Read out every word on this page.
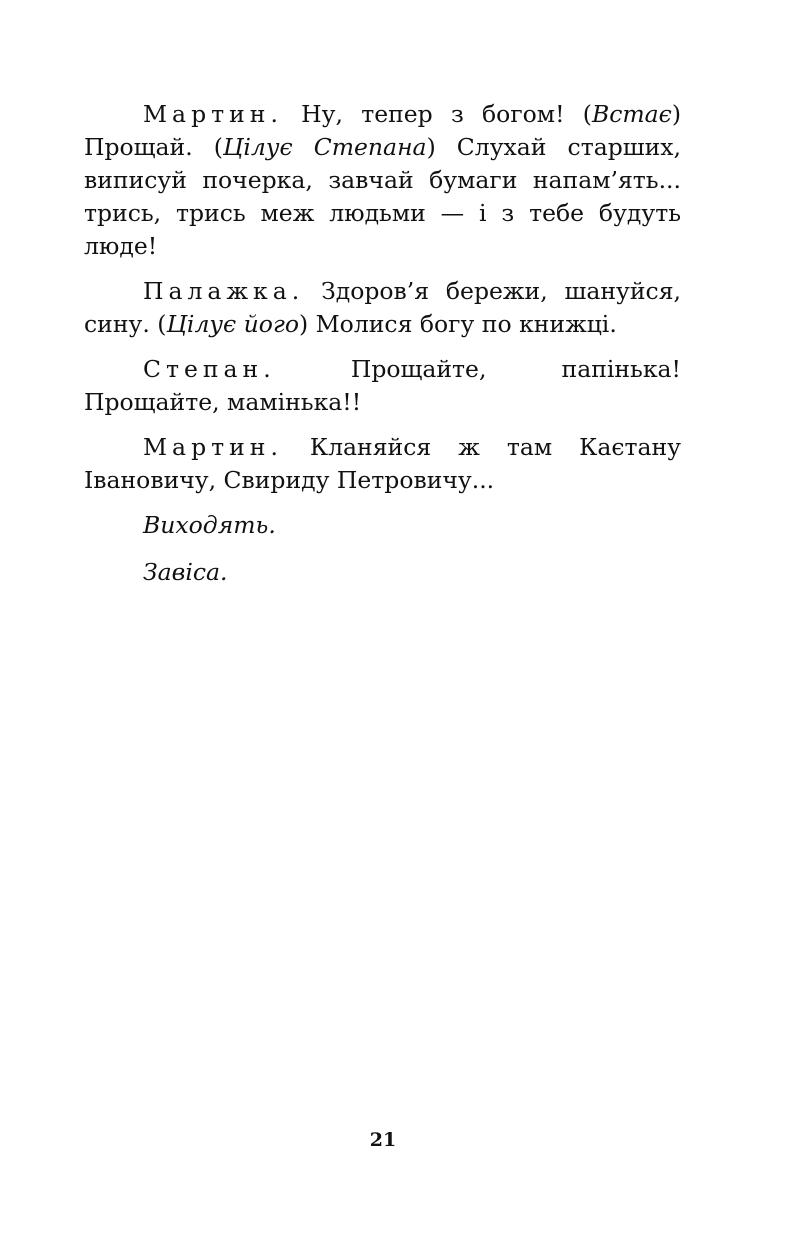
Мартин. Ну, тепер з богом! (Встає) Прощай. (Цілує Степана) Слухай старших, виписуй почерка, завчай бумаги напам’ять... трись, трись меж людьми — і з тебе будуть люде!

Палажка. Здоров’я бережи, шануйся, сину. (Цілує його) Молися богу по книжці.

Степан. Прощайте, папінька! Прощайте, мамінька!!

Мартин. Кланяйся ж там Каєтану Івановичу, Свириду Петровичу...

Виходять.

Завіса.

21
